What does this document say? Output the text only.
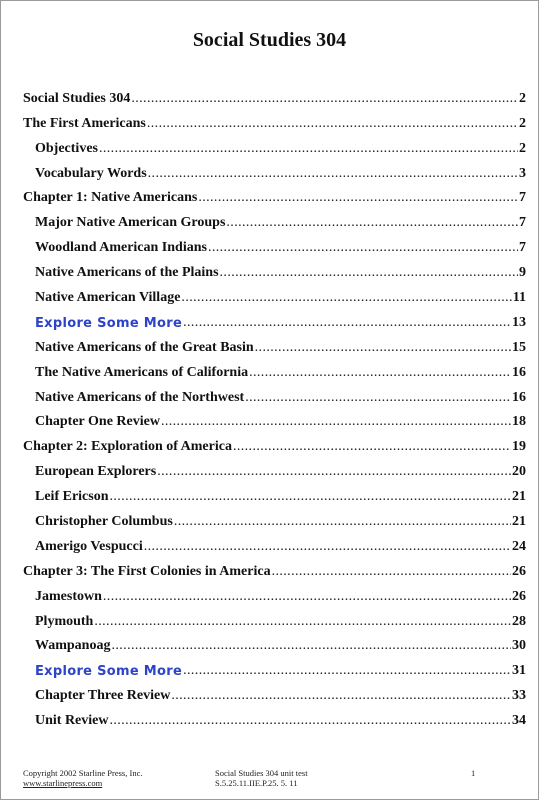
Social Studies 304
Social Studies 304 .....	2
The First Americans .....	2
Objectives .....	2
Vocabulary Words .....	3
Chapter 1: Native Americans .....	7
Major Native American Groups .....	7
Woodland American Indians .....	7
Native Americans of the Plains .....	9
Native American Village .....	11
Explore Some More .....	13
Native Americans of the Great Basin .....	15
The Native Americans of California .....	16
Native Americans of the Northwest .....	16
Chapter One Review .....	18
Chapter 2: Exploration of America .....	19
European Explorers .....	20
Leif Ericson .....	21
Christopher Columbus .....	21
Amerigo Vespucci .....	24
Chapter 3: The First Colonies in America .....	26
Jamestown .....	26
Plymouth .....	28
Wampanoag .....	30
Explore Some More .....	31
Chapter Three Review .....	33
Unit Review .....	34
Copyright 2002 Starline Press, Inc.
www.starlinepress.com
Social Studies 304 unit test
S.5.25.11.IIE.P.25. 5. 11
1
